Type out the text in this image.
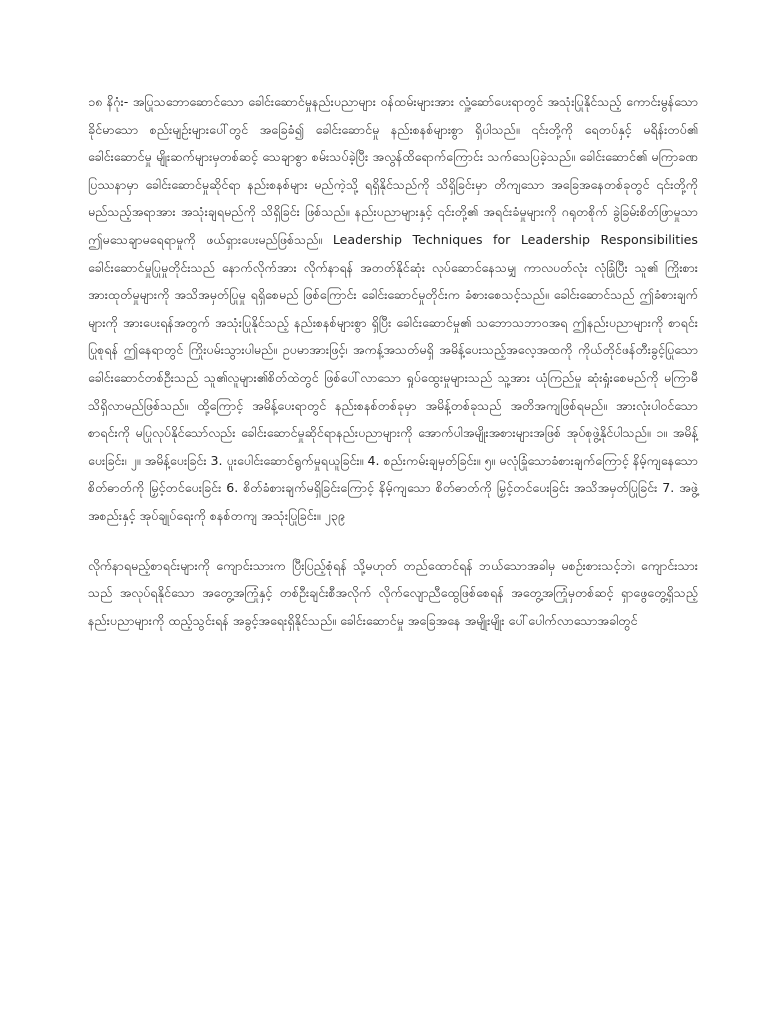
၁၈ နိဂုံး- အပြုသဘောဆောင်သော ခေါင်းဆောင်မှုနည်းပညာများ ဝန်ထမ်းများအား လှုံ့ဆော်ပေးရာတွင် အသုံးပြုနိုင်သည့် ကောင်းမွန်သော ခိုင်မာသော စည်းမျဉ်းများပေါ်တွင် အခြေခံ၍ ခေါင်းဆောင်မှု နည်းစနစ်များစွာ ရှိပါသည်။ ၎င်းတို့ကို ရေတပ်နှင့် မရိန်းတပ်၏ ခေါင်းဆောင်မှု မျိုးဆက်များမှတစ်ဆင့် သေချာစွာ စမ်းသပ်ခဲ့ပြီး အလွန်ထိရောက်ကြောင်း သက်သေပြခဲ့သည်။ ခေါင်းဆောင်၏ မကြာခဏ ပြဿနာမှာ ခေါင်းဆောင်မှုဆိုင်ရာ နည်းစနစ်များ မည်ကဲ့သို့ ရရှိနိုင်သည်ကို သိရှိခြင်းမှာ တိကျသော အခြေအနေတစ်ခုတွင် ၎င်းတို့ကို မည်သည့်အရာအား အသုံးချရမည်ကို သိရှိခြင်း ဖြစ်သည်။ နည်းပညာများနှင့် ၎င်းတို့၏ အရင်းခံမှုများကို ဂရုတစိုက် ခွဲခြမ်းစိတ်ဖြာမှုသာ ဤမသေချာမရေရာမှုကို ဖယ်ရှားပေးမည်ဖြစ်သည်။ Leadership Techniques for Leadership Responsibilities ခေါင်းဆောင်မှုပြုမှုတိုင်းသည် နောက်လိုက်အား လိုက်နာရန် အတတ်နိုင်ဆုံး လုပ်ဆောင်နေသမျှ ကာလပတ်လုံး လုံခြုံပြီး သူ၏ ကြိုးစားအားထုတ်မှုများကို အသိအမှတ်ပြုမှု ရရှိစေမည် ဖြစ်ကြောင်း ခေါင်းဆောင်မှုတိုင်းက ခံစားစေသင့်သည်။ ခေါင်းဆောင်သည် ဤခံစားချက်များကို အားပေးရန်အတွက် အသုံးပြုနိုင်သည့် နည်းစနစ်များစွာ ရှိပြီး ခေါင်းဆောင်မှု၏ သဘောသဘာဝအရ ဤနည်းပညာများကို စာရင်းပြုစုရန် ဤနေရာတွင် ကြိုးပမ်းသွားပါမည်။ ဥပမာအားဖြင့်၊ အကန့်အသတ်မရှိ အမိန့်ပေးသည့်အလေ့အထကို ကိုယ်တိုင်ဖန်တီးခွင့်ပြုသော ခေါင်းဆောင်တစ်ဦးသည် သူ၏လူများ၏စိတ်ထဲတွင် ဖြစ်ပေါ်လာသော ရှုပ်ထွေးမှုများသည် သူ့အား ယုံကြည်မှု ဆုံးရှုံးစေမည်ကို မကြာမီ သိရှိလာမည်ဖြစ်သည်။ ထို့ကြောင့် အမိန့်ပေးရာတွင် နည်းစနစ်တစ်ခုမှာ အမိန့်တစ်ခုသည် အတိအကျဖြစ်ရမည်။ အားလုံးပါဝင်သောစာရင်းကို မပြုလုပ်နိုင်သော်လည်း ခေါင်းဆောင်မှုဆိုင်ရာနည်းပညာများကို အောက်ပါအမျိုးအစားများအဖြစ် အုပ်စုဖွဲ့နိုင်ပါသည်။ ၁။ အမိန့်ပေးခြင်း၊ ၂။ အမိန့်ပေးခြင်း 3. ပူးပေါင်းဆောင်ရွက်မှုရယူခြင်း။ 4. စည်းကမ်းချမှတ်ခြင်း။ ၅။ မလုံခြုံသောခံစားချက်ကြောင့် နိမ့်ကျနေသော စိတ်ဓာတ်ကို မြှင့်တင်ပေးခြင်း 6. စိတ်ခံစားချက်မရှိခြင်းကြောင့် နိမ့်ကျသော စိတ်ဓာတ်ကို မြှင့်တင်ပေးခြင်း အသိအမှတ်ပြုခြင်း 7. အဖွဲ့အစည်းနှင့် အုပ်ချုပ်ရေးကို စနစ်တကျ အသုံးပြုခြင်း။ ၂၃၉

လိုက်နာရမည့်စာရင်းများကို ကျောင်းသားက ပြီးပြည့်စုံရန် သို့မဟုတ် တည်ထောင်ရန် ဘယ်သောအခါမှ မစဉ်းစားသင့်ဘဲ၊ ကျောင်းသားသည် အလုပ်ရနိုင်သော အတွေ့အကြုံနှင့် တစ်ဦးချင်းစီအလိုက် လိုက်လျောညီထွေဖြစ်စေရန် အတွေ့အကြုံမှတစ်ဆင့် ရှာဖွေတွေ့ရှိသည့် နည်းပညာများကို ထည့်သွင်းရန် အခွင့်အရေးရှိနိုင်သည်။ ခေါင်းဆောင်မှု အခြေအနေ အမျိုးမျိုး ပေါ်ပေါက်လာသောအခါတွင်
